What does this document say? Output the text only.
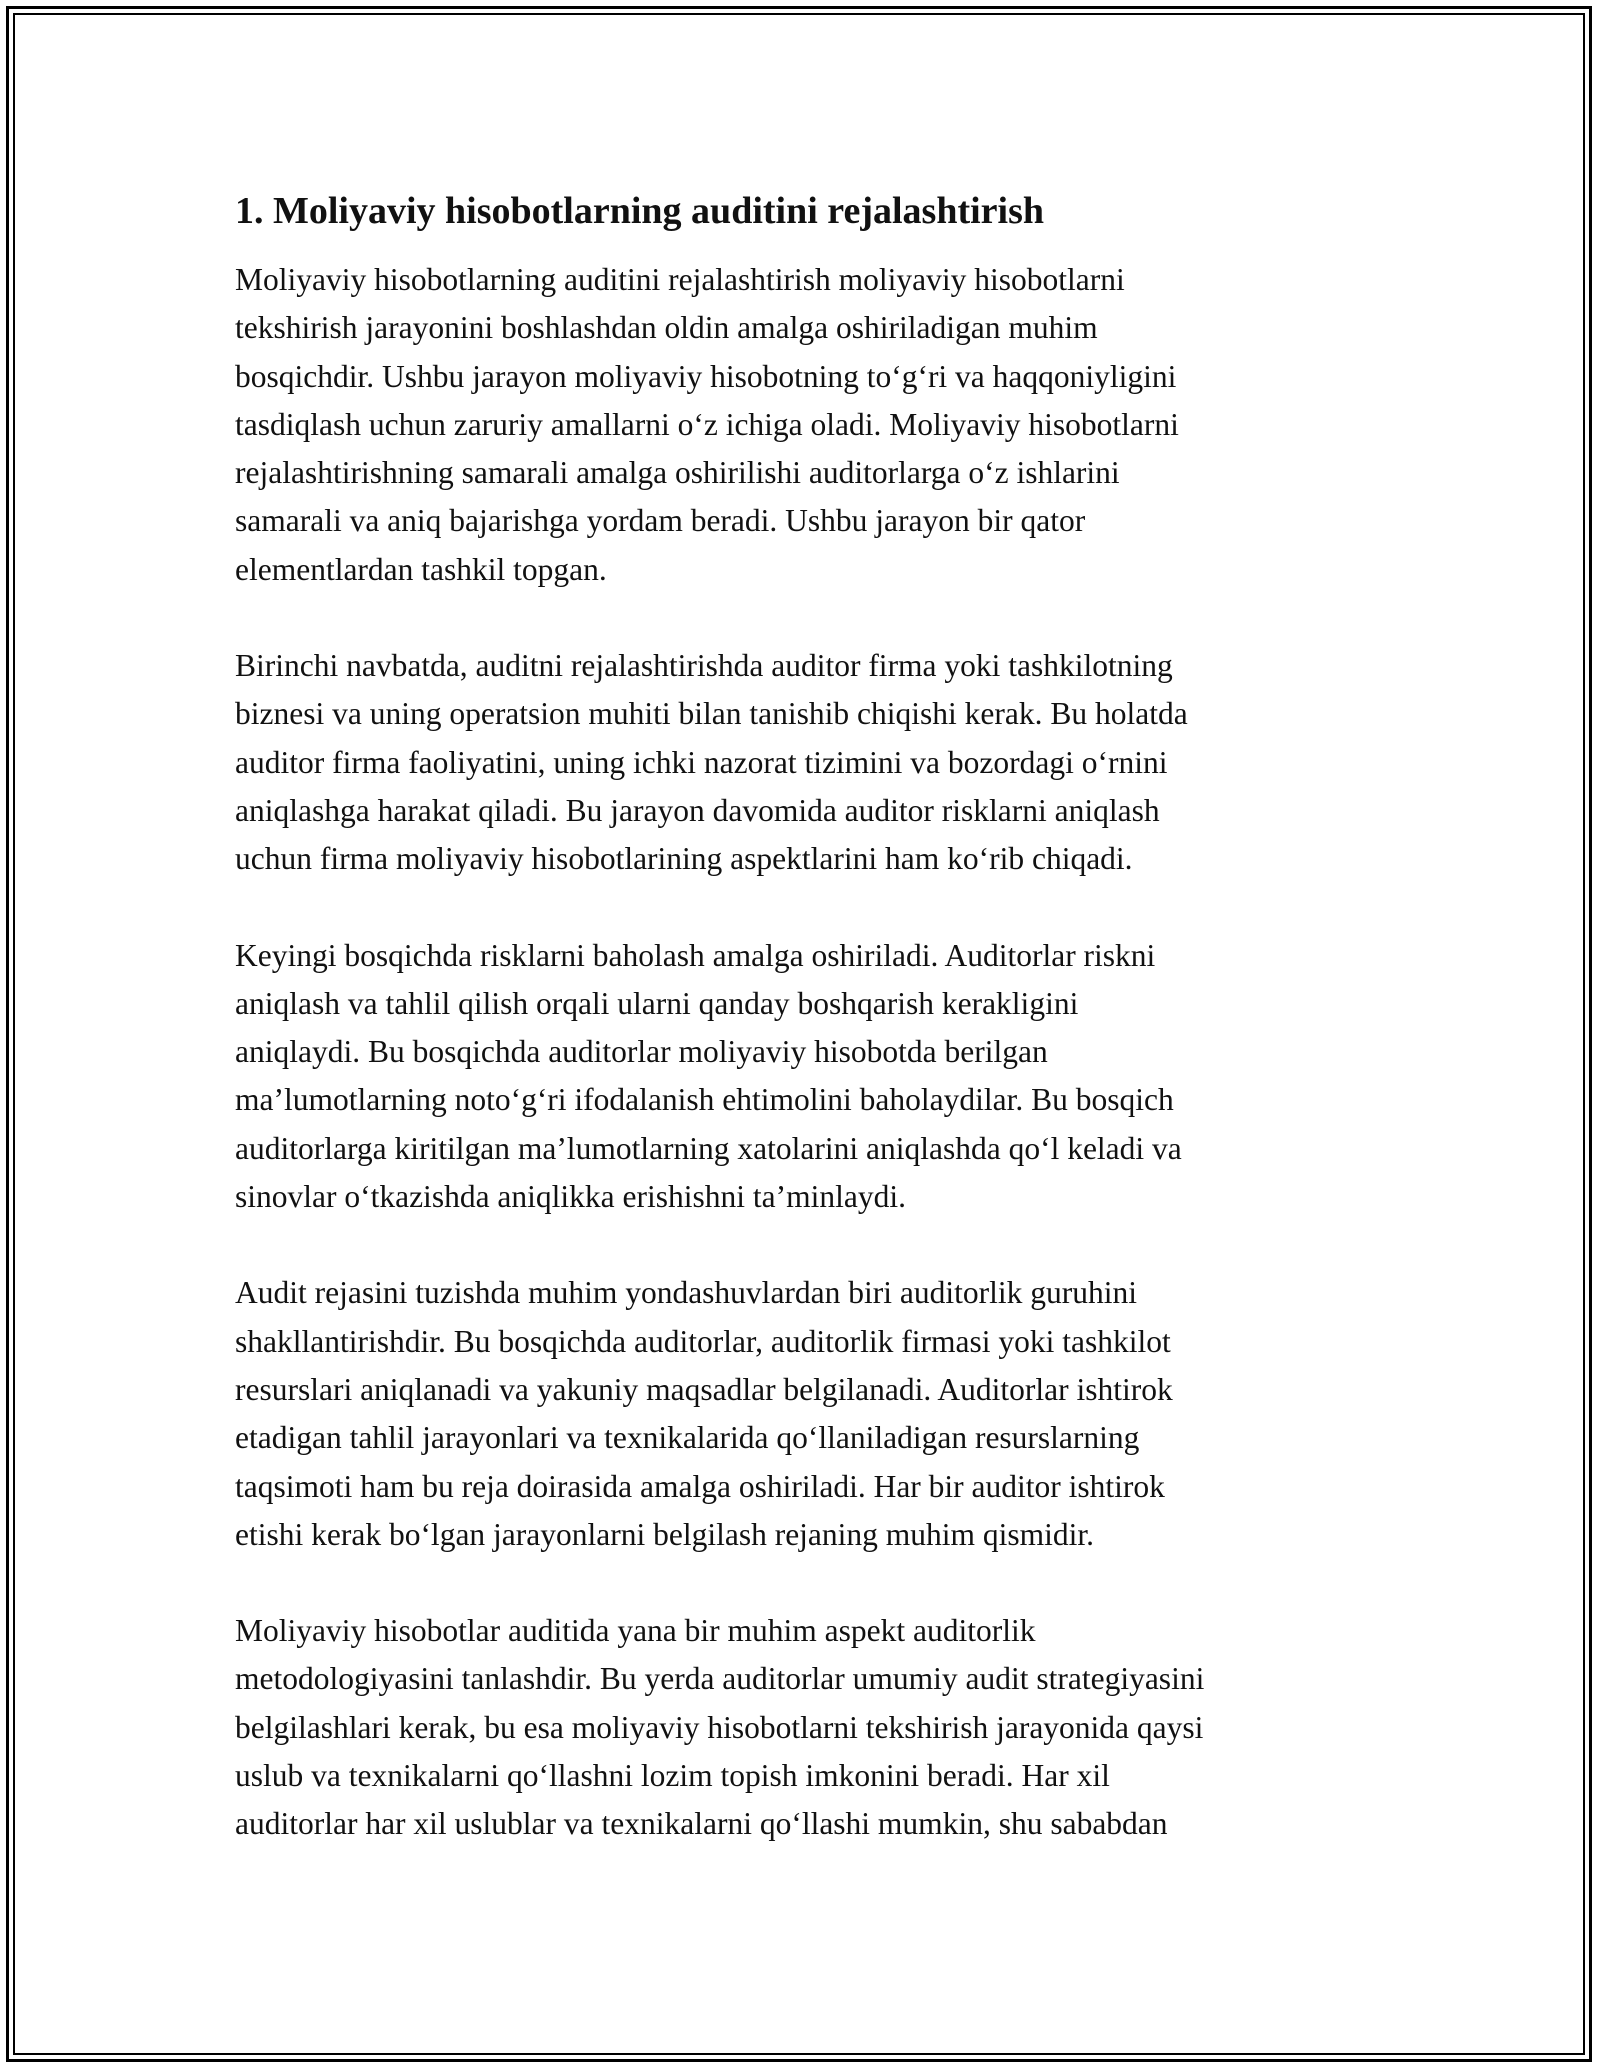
1. Moliyaviy hisobotlarning auditini rejalashtirish

Moliyaviy hisobotlarning auditini rejalashtirish moliyaviy hisobotlarni
tekshirish jarayonini boshlashdan oldin amalga oshiriladigan muhim
bosqichdir. Ushbu jarayon moliyaviy hisobotning to‘g‘ri va haqqoniyligini
tasdiqlash uchun zaruriy amallarni o‘z ichiga oladi. Moliyaviy hisobotlarni
rejalashtirishning samarali amalga oshirilishi auditorlarga o‘z ishlarini
samarali va aniq bajarishga yordam beradi. Ushbu jarayon bir qator
elementlardan tashkil topgan.

Birinchi navbatda, auditni rejalashtirishda auditor firma yoki tashkilotning
biznesi va uning operatsion muhiti bilan tanishib chiqishi kerak. Bu holatda
auditor firma faoliyatini, uning ichki nazorat tizimini va bozordagi o‘rnini
aniqlashga harakat qiladi. Bu jarayon davomida auditor risklarni aniqlash
uchun firma moliyaviy hisobotlarining aspektlarini ham ko‘rib chiqadi.

Keyingi bosqichda risklarni baholash amalga oshiriladi. Auditorlar riskni
aniqlash va tahlil qilish orqali ularni qanday boshqarish kerakligini
aniqlaydi. Bu bosqichda auditorlar moliyaviy hisobotda berilgan
ma’lumotlarning noto‘g‘ri ifodalanish ehtimolini baholaydilar. Bu bosqich
auditorlarga kiritilgan ma’lumotlarning xatolarini aniqlashda qo‘l keladi va
sinovlar o‘tkazishda aniqlikka erishishni ta’minlaydi.

Audit rejasini tuzishda muhim yondashuvlardan biri auditorlik guruhini
shakllantirishdir. Bu bosqichda auditorlar, auditorlik firmasi yoki tashkilot
resurslari aniqlanadi va yakuniy maqsadlar belgilanadi. Auditorlar ishtirok
etadigan tahlil jarayonlari va texnikalarida qo‘llaniladigan resurslarning
taqsimoti ham bu reja doirasida amalga oshiriladi. Har bir auditor ishtirok
etishi kerak bo‘lgan jarayonlarni belgilash rejaning muhim qismidir.

Moliyaviy hisobotlar auditida yana bir muhim aspekt auditorlik
metodologiyasini tanlashdir. Bu yerda auditorlar umumiy audit strategiyasini
belgilashlari kerak, bu esa moliyaviy hisobotlarni tekshirish jarayonida qaysi
uslub va texnikalarni qo‘llashni lozim topish imkonini beradi. Har xil
auditorlar har xil uslublar va texnikalarni qo‘llashi mumkin, shu sababdan
